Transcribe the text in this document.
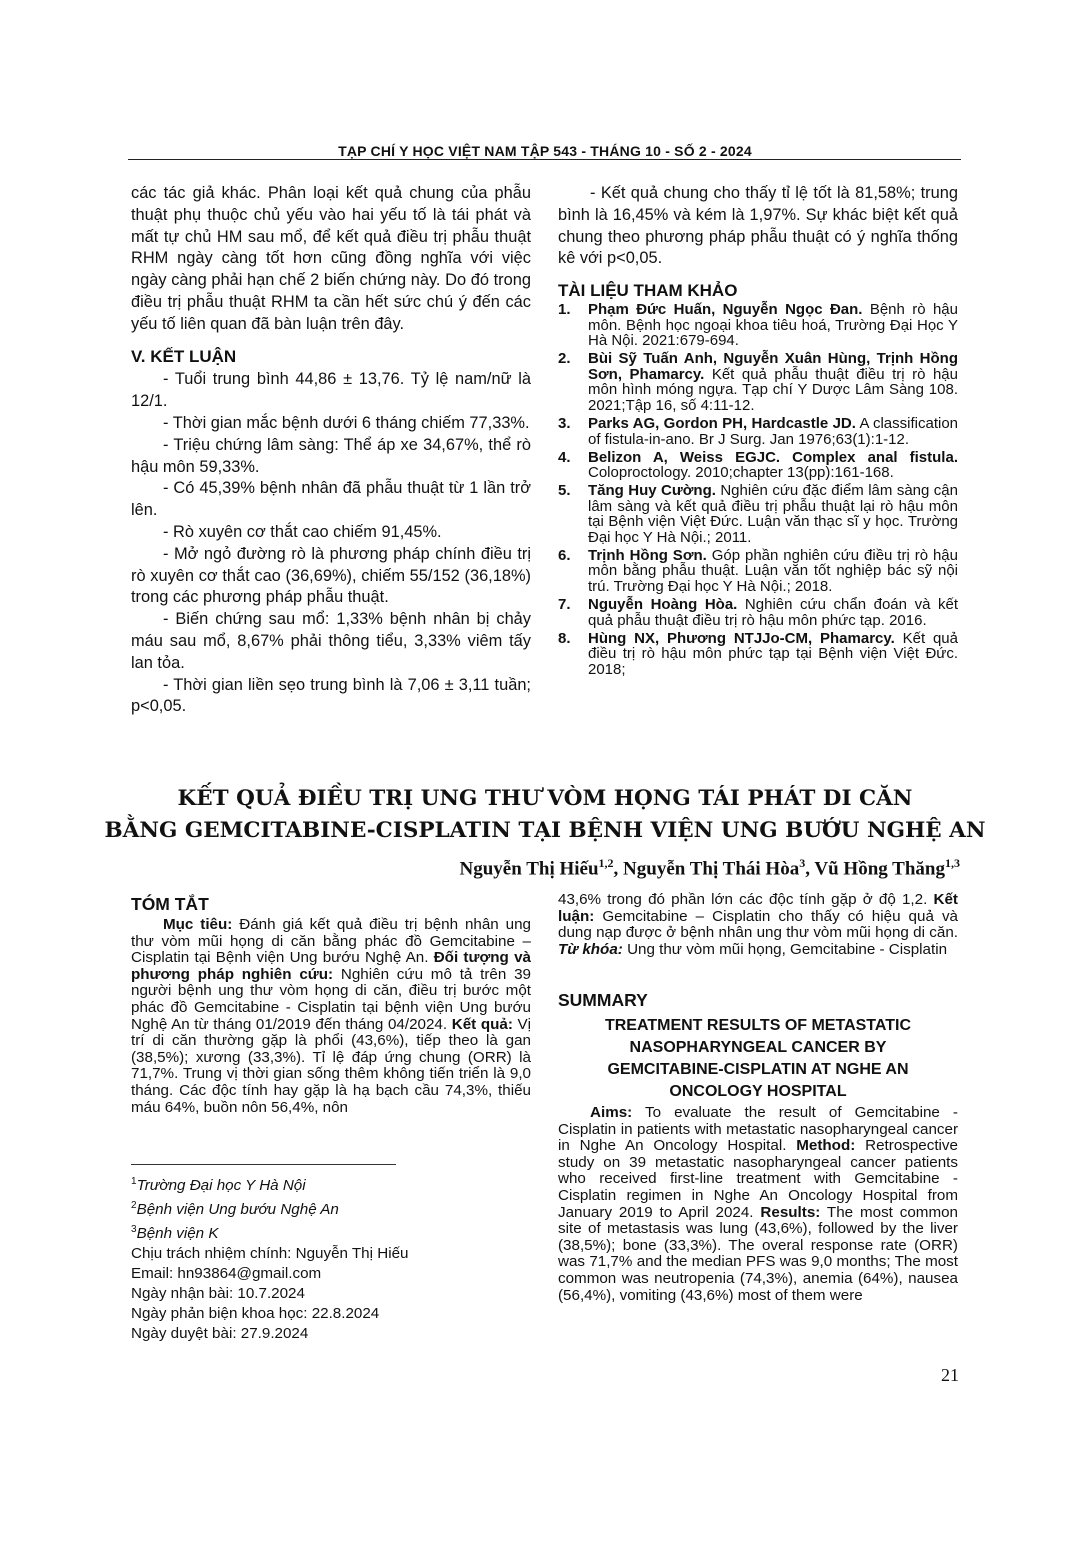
TẠP CHÍ Y HỌC VIỆT NAM TẬP 543 - THÁNG 10 - SỐ 2 - 2024

các tác giả khác. Phân loại kết quả chung của phẫu thuật phụ thuộc chủ yếu vào hai yếu tố là tái phát và mất tự chủ HM sau mổ, để kết quả điều trị phẫu thuật RHM ngày càng tốt hơn cũng đồng nghĩa với việc ngày càng phải hạn chế 2 biến chứng này. Do đó trong điều trị phẫu thuật RHM ta cần hết sức chú ý đến các yếu tố liên quan đã bàn luận trên đây.

V. KẾT LUẬN

- Tuổi trung bình 44,86 ± 13,76. Tỷ lệ nam/nữ là 12/1.

- Thời gian mắc bệnh dưới 6 tháng chiếm 77,33%.

- Triệu chứng lâm sàng: Thể áp xe 34,67%, thể rò hậu môn 59,33%.

- Có 45,39% bệnh nhân đã phẫu thuật từ 1 lần trở lên.

- Rò xuyên cơ thắt cao chiếm 91,45%.

- Mở ngỏ đường rò là phương pháp chính điều trị rò xuyên cơ thắt cao (36,69%), chiếm 55/152 (36,18%) trong các phương pháp phẫu thuật.

- Biến chứng sau mổ: 1,33% bệnh nhân bị chảy máu sau mổ, 8,67% phải thông tiểu, 3,33% viêm tấy lan tỏa.

- Thời gian liền sẹo trung bình là 7,06 ± 3,11 tuần; p<0,05.

- Kết quả chung cho thấy tỉ lệ tốt là 81,58%; trung bình là 16,45% và kém là 1,97%. Sự khác biệt kết quả chung theo phương pháp phẫu thuật có ý nghĩa thống kê với p<0,05.

TÀI LIỆU THAM KHẢO

1.	Phạm Đức Huấn, Nguyễn Ngọc Đan. Bệnh rò hậu môn. Bệnh học ngoại khoa tiêu hoá, Trường Đại Học Y Hà Nội. 2021:679-694.
2.	Bùi Sỹ Tuấn Anh, Nguyễn Xuân Hùng, Trịnh Hồng Sơn, Phamarcy. Kết quả phẫu thuật điều trị rò hậu môn hình móng ngựa. Tạp chí Y Dược Lâm Sàng 108. 2021;Tập 16, số 4:11-12.
3.	Parks AG, Gordon PH, Hardcastle JD. A classification of fistula-in-ano. Br J Surg. Jan 1976;63(1):1-12.
4.	Belizon A, Weiss EGJC. Complex anal fistula. Coloproctology. 2010;chapter 13(pp):161-168.
5.	Tăng Huy Cường. Nghiên cứu đặc điểm lâm sàng cận lâm sàng và kết quả điều trị phẫu thuật lại rò hậu môn tại Bệnh viện Việt Đức. Luận văn thạc sĩ y học. Trường Đại học Y Hà Nội.; 2011.
6.	Trịnh Hồng Sơn. Góp phần nghiên cứu điều trị rò hậu môn bằng phẫu thuật. Luận văn tốt nghiệp bác sỹ nội trú. Trường Đại học Y Hà Nội.; 2018.
7.	Nguyễn Hoàng Hòa. Nghiên cứu chẩn đoán và kết quả phẫu thuật điều trị rò hậu môn phức tạp. 2016.
8.	Hùng NX, Phương NTJJo-CM, Phamarcy. Kết quả điều trị rò hậu môn phức tạp tại Bệnh viện Việt Đức. 2018;
KẾT QUẢ ĐIỀU TRỊ UNG THƯ VÒM HỌNG TÁI PHÁT DI CĂN
BẰNG GEMCITABINE-CISPLATIN TẠI BỆNH VIỆN UNG BƯỚU NGHỆ AN
Nguyễn Thị Hiếu$^{1,2}$, Nguyễn Thị Thái Hòa$^3$, Vũ Hồng Thăng$^{1,3}$

TÓM TẮT

Mục tiêu: Đánh giá kết quả điều trị bệnh nhân ung thư vòm mũi họng di căn bằng phác đồ Gemcitabine – Cisplatin tại Bệnh viện Ung bướu Nghệ An. Đối tượng và phương pháp nghiên cứu: Nghiên cứu mô tả trên 39 người bệnh ung thư vòm họng di căn, điều trị bước một phác đồ Gemcitabine - Cisplatin tại bệnh viện Ung bướu Nghệ An từ tháng 01/2019 đến tháng 04/2024. Kết quả: Vị trí di căn thường gặp là phổi (43,6%), tiếp theo là gan (38,5%); xương (33,3%). Tỉ lệ đáp ứng chung (ORR) là 71,7%. Trung vị thời gian sống thêm không tiến triển là 9,0 tháng. Các độc tính hay gặp là hạ bạch cầu 74,3%, thiếu máu 64%, buồn nôn 56,4%, nôn

$^1$Trường Đại học Y Hà Nội
$^2$Bệnh viện Ung bướu Nghệ An
$^3$Bệnh viện K
Chịu trách nhiệm chính: Nguyễn Thị Hiếu
Email: hn93864@gmail.com
Ngày nhận bài: 10.7.2024
Ngày phản biện khoa học: 22.8.2024
Ngày duyệt bài: 27.9.2024

43,6% trong đó phần lớn các độc tính gặp ở độ 1,2. Kết luận: Gemcitabine – Cisplatin cho thấy có hiệu quả và dung nạp được ở bệnh nhân ung thư vòm mũi họng di căn. Từ khóa: Ung thư vòm mũi họng, Gemcitabine - Cisplatin

SUMMARY

TREATMENT RESULTS OF METASTATIC NASOPHARYNGEAL CANCER BY GEMCITABINE-CISPLATIN AT NGHE AN ONCOLOGY HOSPITAL

Aims: To evaluate the result of Gemcitabine - Cisplatin in patients with metastatic nasopharyngeal cancer in Nghe An Oncology Hospital. Method: Retrospective study on 39 metastatic nasopharyngeal cancer patients who received first-line treatment with Gemcitabine - Cisplatin regimen in Nghe An Oncology Hospital from January 2019 to April 2024. Results: The most common site of metastasis was lung (43,6%), followed by the liver (38,5%); bone (33,3%). The overal response rate (ORR) was 71,7% and the median PFS was 9,0 months; The most common was neutropenia (74,3%), anemia (64%), nausea (56,4%), vomiting (43,6%) most of them were

21
